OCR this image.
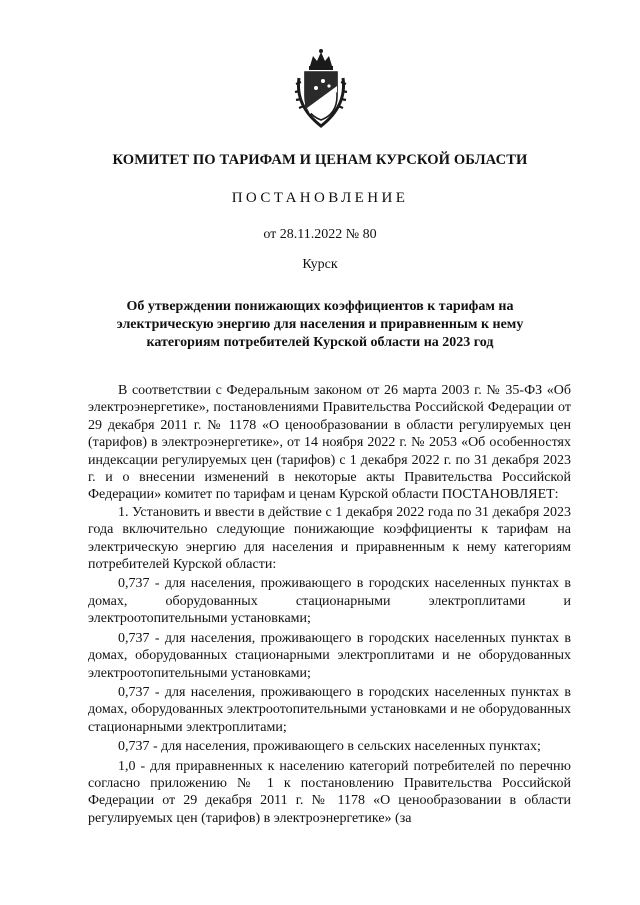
КОМИТЕТ ПО ТАРИФАМ И ЦЕНАМ КУРСКОЙ ОБЛАСТИ
ПОСТАНОВЛЕНИЕ
от 28.11.2022 № 80
Курск
Об утверждении понижающих коэффициентов к тарифам на электрическую энергию для населения и приравненным к нему категориям потребителей Курской области на 2023 год

В соответствии с Федеральным законом от 26 марта 2003 г. № 35-ФЗ «Об электроэнергетике», постановлениями Правительства Российской Федерации от 29 декабря 2011 г. № 1178 «О ценообразовании в области регулируемых цен (тарифов) в электроэнергетике», от 14 ноября 2022 г. № 2053 «Об особенностях индексации регулируемых цен (тарифов) с 1 декабря 2022 г. по 31 декабря 2023 г. и о внесении изменений в некоторые акты Правительства Российской Федерации» комитет по тарифам и ценам Курской области ПОСТАНОВЛЯЕТ:

1. Установить и ввести в действие с 1 декабря 2022 года по 31 декабря 2023 года включительно следующие понижающие коэффициенты к тарифам на электрическую энергию для населения и приравненным к нему категориям потребителей Курской области:

0,737 - для населения, проживающего в городских населенных пунктах в домах, оборудованных стационарными электроплитами и электроотопительными установками;

0,737 - для населения, проживающего в городских населенных пунктах в домах, оборудованных стационарными электроплитами и не оборудованных электроотопительными установками;

0,737 - для населения, проживающего в городских населенных пунктах в домах, оборудованных электроотопительными установками и не оборудованных стационарными электроплитами;

0,737 - для населения, проживающего в сельских населенных пунктах;

1,0 - для приравненных к населению категорий потребителей по перечню согласно приложению № 1 к постановлению Правительства Российской Федерации от 29 декабря 2011 г. № 1178 «О ценообразовании в области регулируемых цен (тарифов) в электроэнергетике» (за
